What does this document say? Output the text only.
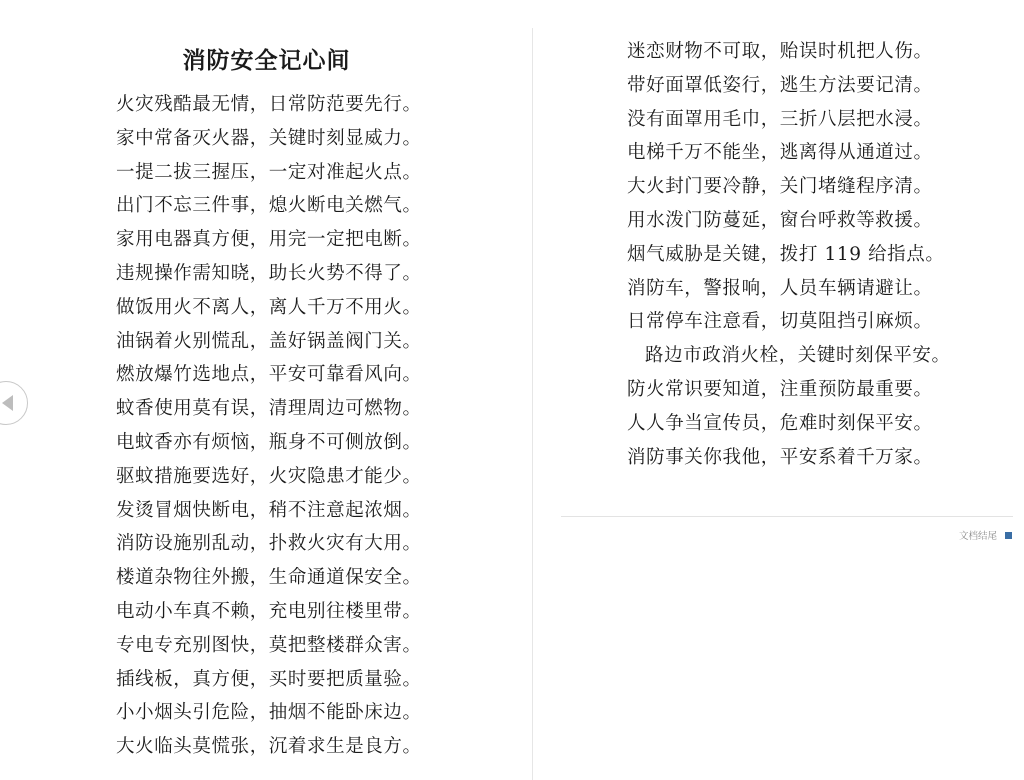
消防安全记心间
火灾残酷最无情，日常防范要先行。
家中常备灭火器，关键时刻显威力。
一提二拔三握压，一定对准起火点。
出门不忘三件事，熄火断电关燃气。
家用电器真方便，用完一定把电断。
违规操作需知晓，助长火势不得了。
做饭用火不离人，离人千万不用火。
油锅着火别慌乱，盖好锅盖阀门关。
燃放爆竹选地点，平安可靠看风向。
蚊香使用莫有误，清理周边可燃物。
电蚊香亦有烦恼，瓶身不可侧放倒。
驱蚊措施要选好，火灾隐患才能少。
发烫冒烟快断电，稍不注意起浓烟。
消防设施别乱动，扑救火灾有大用。
楼道杂物往外搬，生命通道保安全。
电动小车真不赖，充电别往楼里带。
专电专充别图快，莫把整楼群众害。
插线板，真方便，买时要把质量验。
小小烟头引危险，抽烟不能卧床边。
大火临头莫慌张，沉着求生是良方。
迷恋财物不可取，贻误时机把人伤。
带好面罩低姿行，逃生方法要记清。
没有面罩用毛巾，三折八层把水浸。
电梯千万不能坐，逃离得从通道过。
大火封门要冷静，关门堵缝程序清。
用水泼门防蔓延，窗台呼救等救援。
烟气威胁是关键，拨打 119 给指点。
消防车，警报响，人员车辆请避让。
日常停车注意看，切莫阻挡引麻烦。
路边市政消火栓，关键时刻保平安。
防火常识要知道，注重预防最重要。
人人争当宣传员，危难时刻保平安。
消防事关你我他，平安系着千万家。
文档结尾
